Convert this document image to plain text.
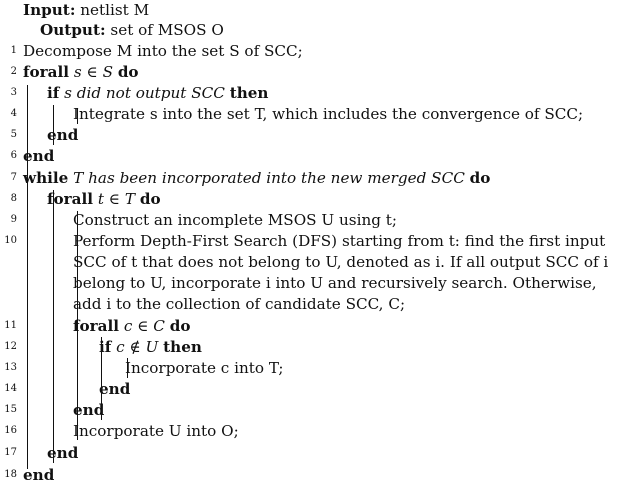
Input: netlist M
Output: set of MSOS O
1 Decompose M into the set S of SCC;
2 forall s ∈ S do
3 if s did not output SCC then
4	Integrate s into the set T, which includes the convergence of SCC;
5 end
6 end
7 while T has been incorporated into the new merged SCC do
8 forall t ∈ T do
9	Construct an incomplete MSOS U using t;
10	Perform Depth-First Search (DFS) starting from t: find the first input SCC of t that does not belong to U, denoted as i. If all output SCC of i belong to U, incorporate i into U and recursively search. Otherwise, add i to the collection of candidate SCC, C;
11	forall c ∈ C do
12	if c ∉ U then
13	Incorporate c into T;
14	end
15	end
16	Incorporate U into O;
17 end
18 end
